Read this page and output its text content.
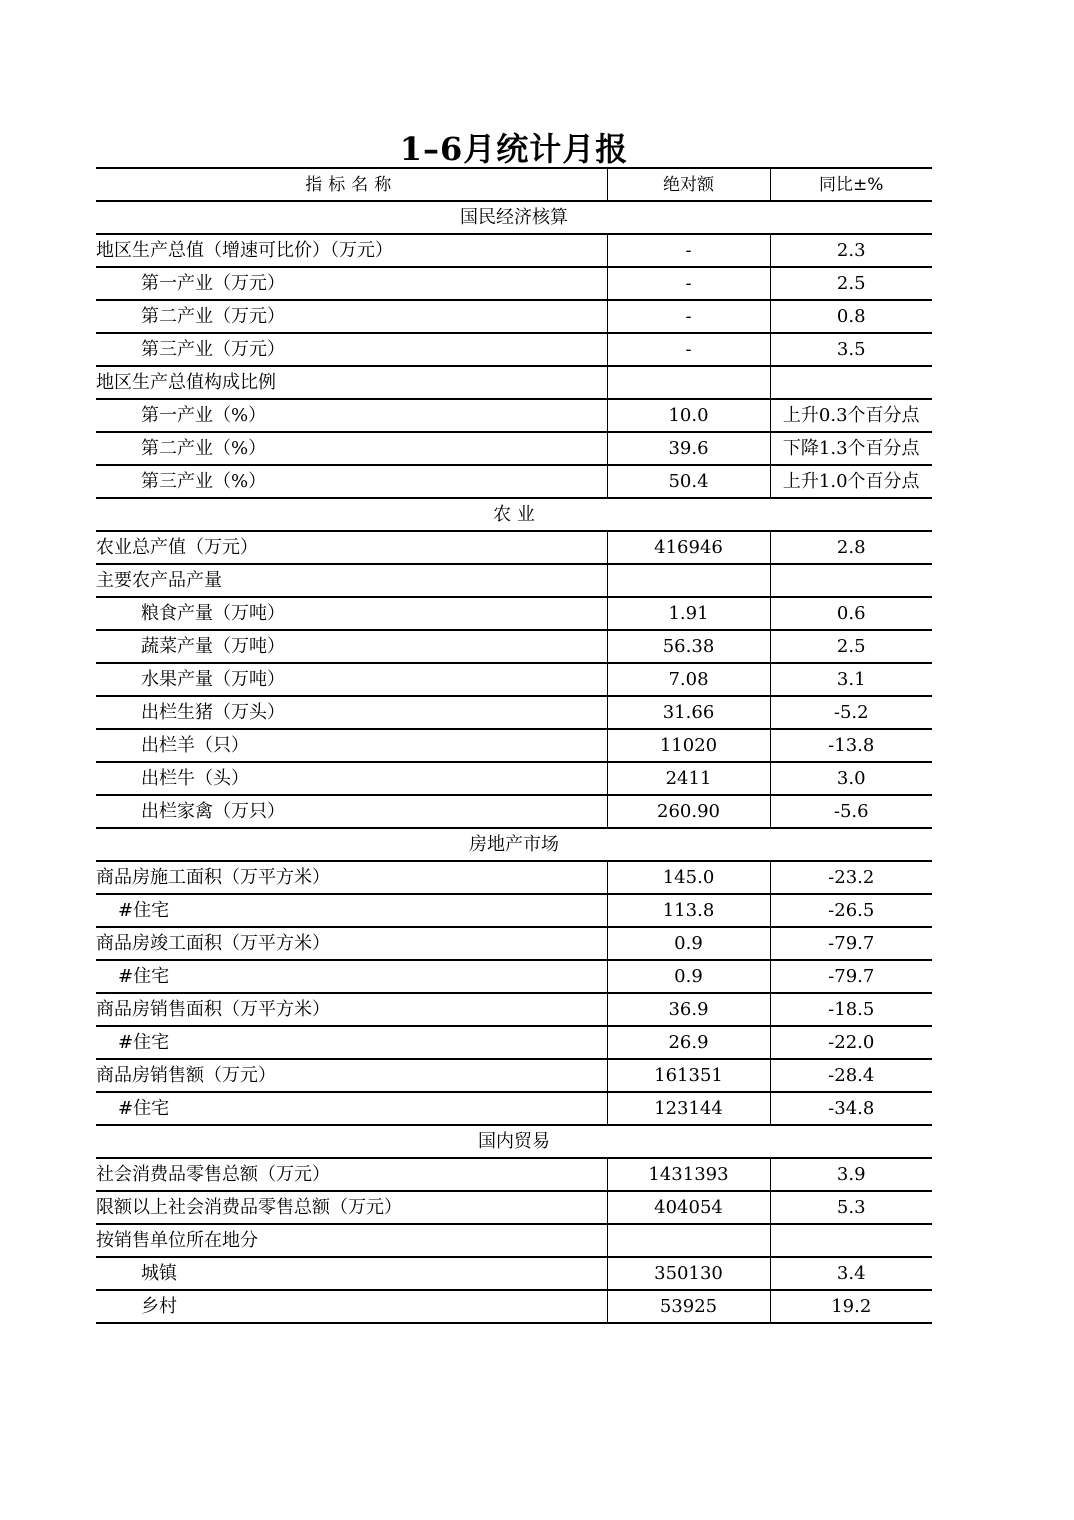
1–6月统计月报
指标名称	绝对额	同比±%
国民经济核算		
地区生产总值（增速可比价）（万元）	-	2.3
第一产业（万元）	-	2.5
第二产业（万元）	-	0.8
第三产业（万元）	-	3.5
地区生产总值构成比例		
第一产业（%）	10.0	上升0.3个百分点
第二产业（%）	39.6	下降1.3个百分点
第三产业（%）	50.4	上升1.0个百分点
农 业		
农业总产值（万元）	416946	2.8
主要农产品产量		
粮食产量（万吨）	1.91	0.6
蔬菜产量（万吨）	56.38	2.5
水果产量（万吨）	7.08	3.1
出栏生猪（万头）	31.66	-5.2
出栏羊（只）	11020	-13.8
出栏牛（头）	2411	3.0
出栏家禽（万只）	260.90	-5.6
房地产市场		
商品房施工面积（万平方米）	145.0	-23.2
#住宅	113.8	-26.5
商品房竣工面积（万平方米）	0.9	-79.7
#住宅	0.9	-79.7
商品房销售面积（万平方米）	36.9	-18.5
#住宅	26.9	-22.0
商品房销售额（万元）	161351	-28.4
#住宅	123144	-34.8
国内贸易		
社会消费品零售总额（万元）	1431393	3.9
限额以上社会消费品零售总额（万元）	404054	5.3
按销售单位所在地分		
城镇	350130	3.4
乡村	53925	19.2
